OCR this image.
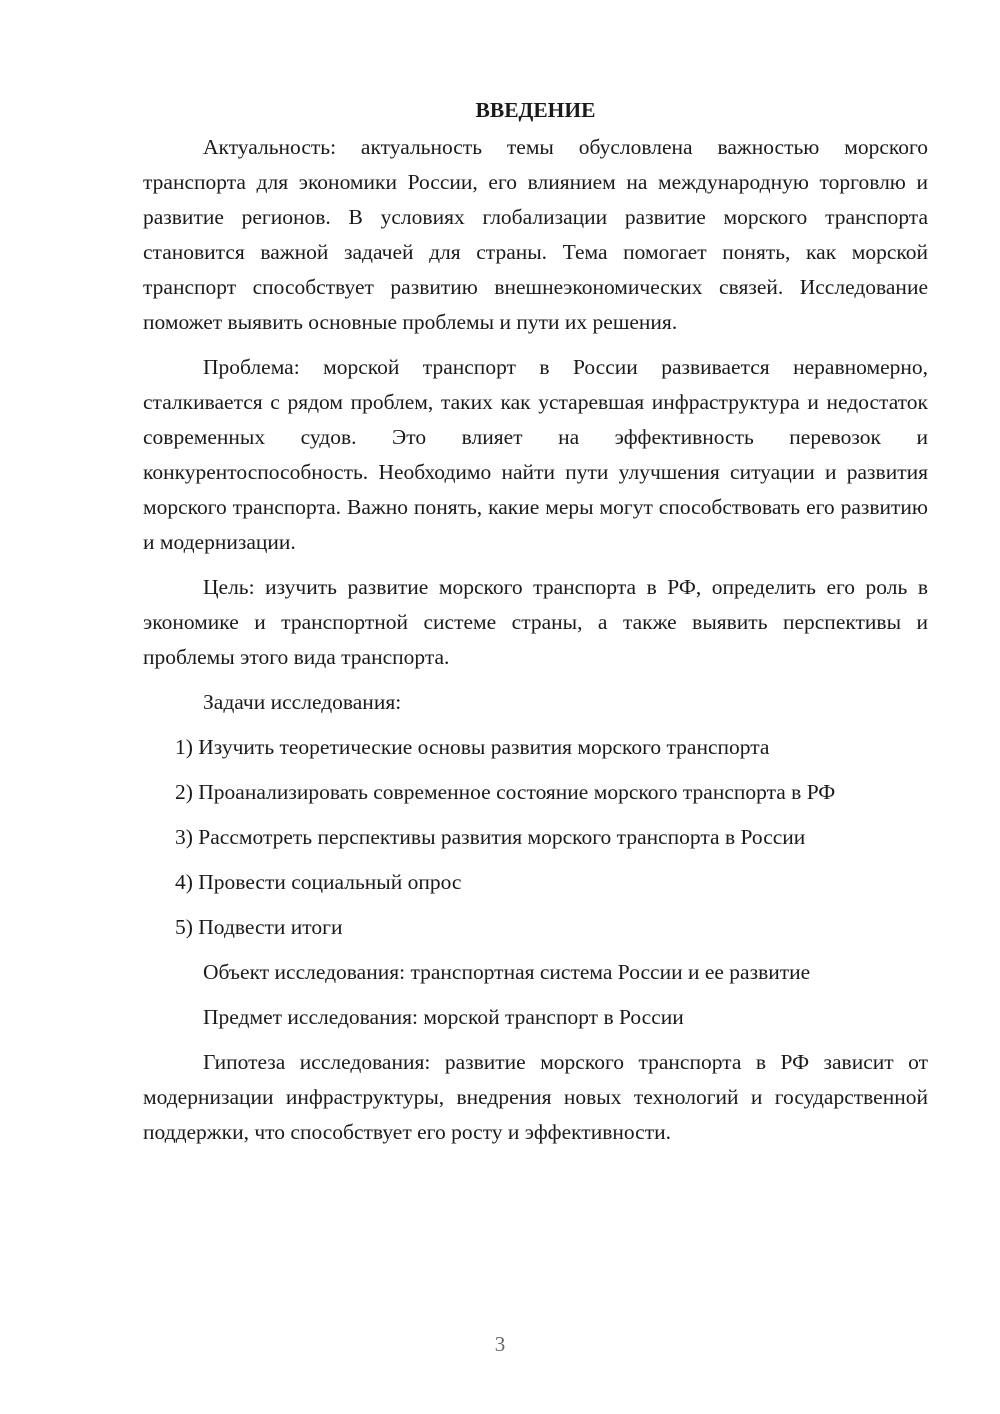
ВВЕДЕНИЕ

Актуальность: актуальность темы обусловлена важностью морского транспорта для экономики России, его влиянием на международную торговлю и развитие регионов. В условиях глобализации развитие морского транспорта становится важной задачей для страны. Тема помогает понять, как морской транспорт способствует развитию внешнеэкономических связей. Исследование поможет выявить основные проблемы и пути их решения.

Проблема: морской транспорт в России развивается неравномерно, сталкивается с рядом проблем, таких как устаревшая инфраструктура и недостаток современных судов. Это влияет на эффективность перевозок и конкурентоспособность. Необходимо найти пути улучшения ситуации и развития морского транспорта. Важно понять, какие меры могут способствовать его развитию и модернизации.

Цель: изучить развитие морского транспорта в РФ, определить его роль в экономике и транспортной системе страны, а также выявить перспективы и проблемы этого вида транспорта.

Задачи исследования:
1) Изучить теоретические основы развития морского транспорта
2) Проанализировать современное состояние морского транспорта в РФ
3) Рассмотреть перспективы развития морского транспорта в России
4) Провести социальный опрос
5) Подвести итоги
Объект исследования: транспортная система России и ее развитие
Предмет исследования: морской транспорт в России

Гипотеза исследования: развитие морского транспорта в РФ зависит от модернизации инфраструктуры, внедрения новых технологий и государственной поддержки, что способствует его росту и эффективности.

3
